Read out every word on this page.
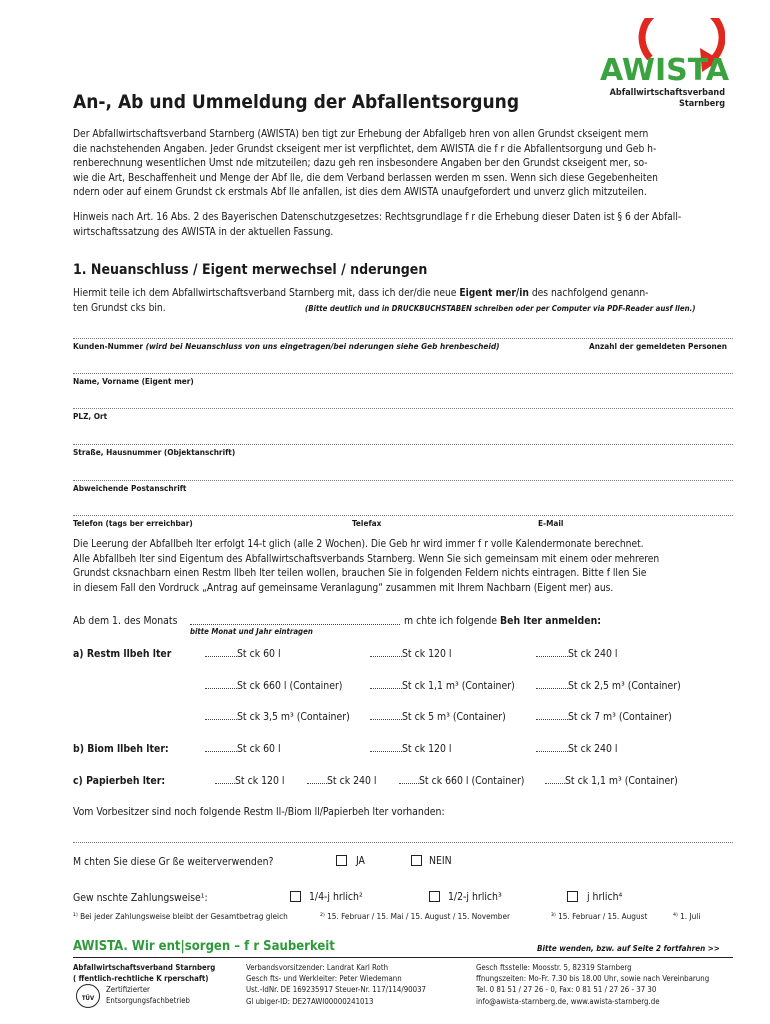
AWISTA
Abfallwirtschaftsverband
Starnberg
An-, Ab und Ummeldung der Abfallentsorgung
Der Abfallwirtschaftsverband Starnberg (AWISTA) ben tigt zur Erhebung der Abfallgeb hren von allen Grundst ckseigent mern
die nachstehenden Angaben. Jeder Grundst ckseigent mer ist verpflichtet, dem AWISTA die f r die Abfallentsorgung und Geb h-
renberechnung wesentlichen Umst nde mitzuteilen; dazu geh ren insbesondere Angaben ber den Grundst ckseigent mer, so-
wie die Art, Beschaffenheit und Menge der Abf lle, die dem Verband berlassen werden m ssen. Wenn sich diese Gegebenheiten
ndern oder auf einem Grundst ck erstmals Abf lle anfallen, ist dies dem AWISTA unaufgefordert und unverz glich mitzuteilen.
Hinweis nach Art. 16 Abs. 2 des Bayerischen Datenschutzgesetzes: Rechtsgrundlage f r die Erhebung dieser Daten ist § 6 der Abfall-
wirtschaftssatzung des AWISTA in der aktuellen Fassung.
1. Neuanschluss / Eigent merwechsel / nderungen
Hiermit teile ich dem Abfallwirtschaftsverband Starnberg mit, dass ich der/die neue Eigent mer/in des nachfolgend genann-
ten Grundst cks bin.	(Bitte deutlich und in DRUCKBUCHSTABEN schreiben oder per Computer via PDF-Reader ausf llen.)
Kunden-Nummer (wird bei Neuanschluss von uns eingetragen/bei nderungen siehe Geb hrenbescheid)	Anzahl der gemeldeten Personen
Name, Vorname (Eigent mer)
PLZ, Ort
Straße, Hausnummer (Objektanschrift)
Abweichende Postanschrift
Telefon (tags ber erreichbar)	Telefax	E-Mail
Die Leerung der Abfallbeh lter erfolgt 14-t glich (alle 2 Wochen). Die Geb hr wird immer f r volle Kalendermonate berechnet.
Alle Abfallbeh lter sind Eigentum des Abfallwirtschaftsverbands Starnberg. Wenn Sie sich gemeinsam mit einem oder mehreren
Grundst cksnachbarn einen Restm llbeh lter teilen wollen, brauchen Sie in folgenden Feldern nichts eintragen. Bitte f llen Sie
in diesem Fall den Vordruck „Antrag auf gemeinsame Veranlagung“ zusammen mit Ihrem Nachbarn (Eigent mer) aus.
Ab dem 1. des Monats	m chte ich folgende Beh lter anmelden:
bitte Monat und Jahr eintragen
a) Restm llbeh lter	St ck 60 l	St ck 120 l	St ck 240 l
St ck 660 l (Container)	St ck 1,1 m³ (Container)	St ck 2,5 m³ (Container)
St ck 3,5 m³ (Container)	St ck 5 m³ (Container)	St ck 7 m³ (Container)
b) Biom llbeh lter:	St ck 60 l	St ck 120 l	St ck 240 l
c) Papierbeh lter:	St ck 120 l	St ck 240 l	St ck 660 l (Container)	St ck 1,1 m³ (Container)
Vom Vorbesitzer sind noch folgende Restm ll-/Biom ll/Papierbeh lter vorhanden:
M chten Sie diese Gr ße weiterverwenden?	JA	NEIN
Gew nschte Zahlungsweise¹:	1/4-j hrlich²	1/2-j hrlich³	j hrlich⁴
¹⁾ Bei jeder Zahlungsweise bleibt der Gesamtbetrag gleich	²⁾ 15. Februar / 15. Mai / 15. August / 15. November	³⁾ 15. Februar / 15. August	⁴⁾ 1. Juli
AWISTA. Wir ent|sorgen – f r Sauberkeit	Bitte wenden, bzw. auf Seite 2 fortfahren >>
Abfallwirtschaftsverband Starnberg
( ffentlich-rechtliche K rperschaft)
TÜV
Zertifizierter
Entsorgungsfachbetrieb
Verbandsvorsitzender: Landrat Karl Roth
Gesch fts- und Werkleiter: Peter Wiedemann
Ust.-IdNr. DE 169235917 Steuer-Nr. 117/114/90037
Gl ubiger-ID: DE27AWI00000241013
Gesch ftsstelle: Moosstr. 5, 82319 Starnberg
ffnungszeiten: Mo-Fr. 7.30 bis 18.00 Uhr, sowie nach Vereinbarung
Tel. 0 81 51 / 27 26 - 0, Fax: 0 81 51 / 27 26 - 37 30
info@awista-starnberg.de, www.awista-starnberg.de
